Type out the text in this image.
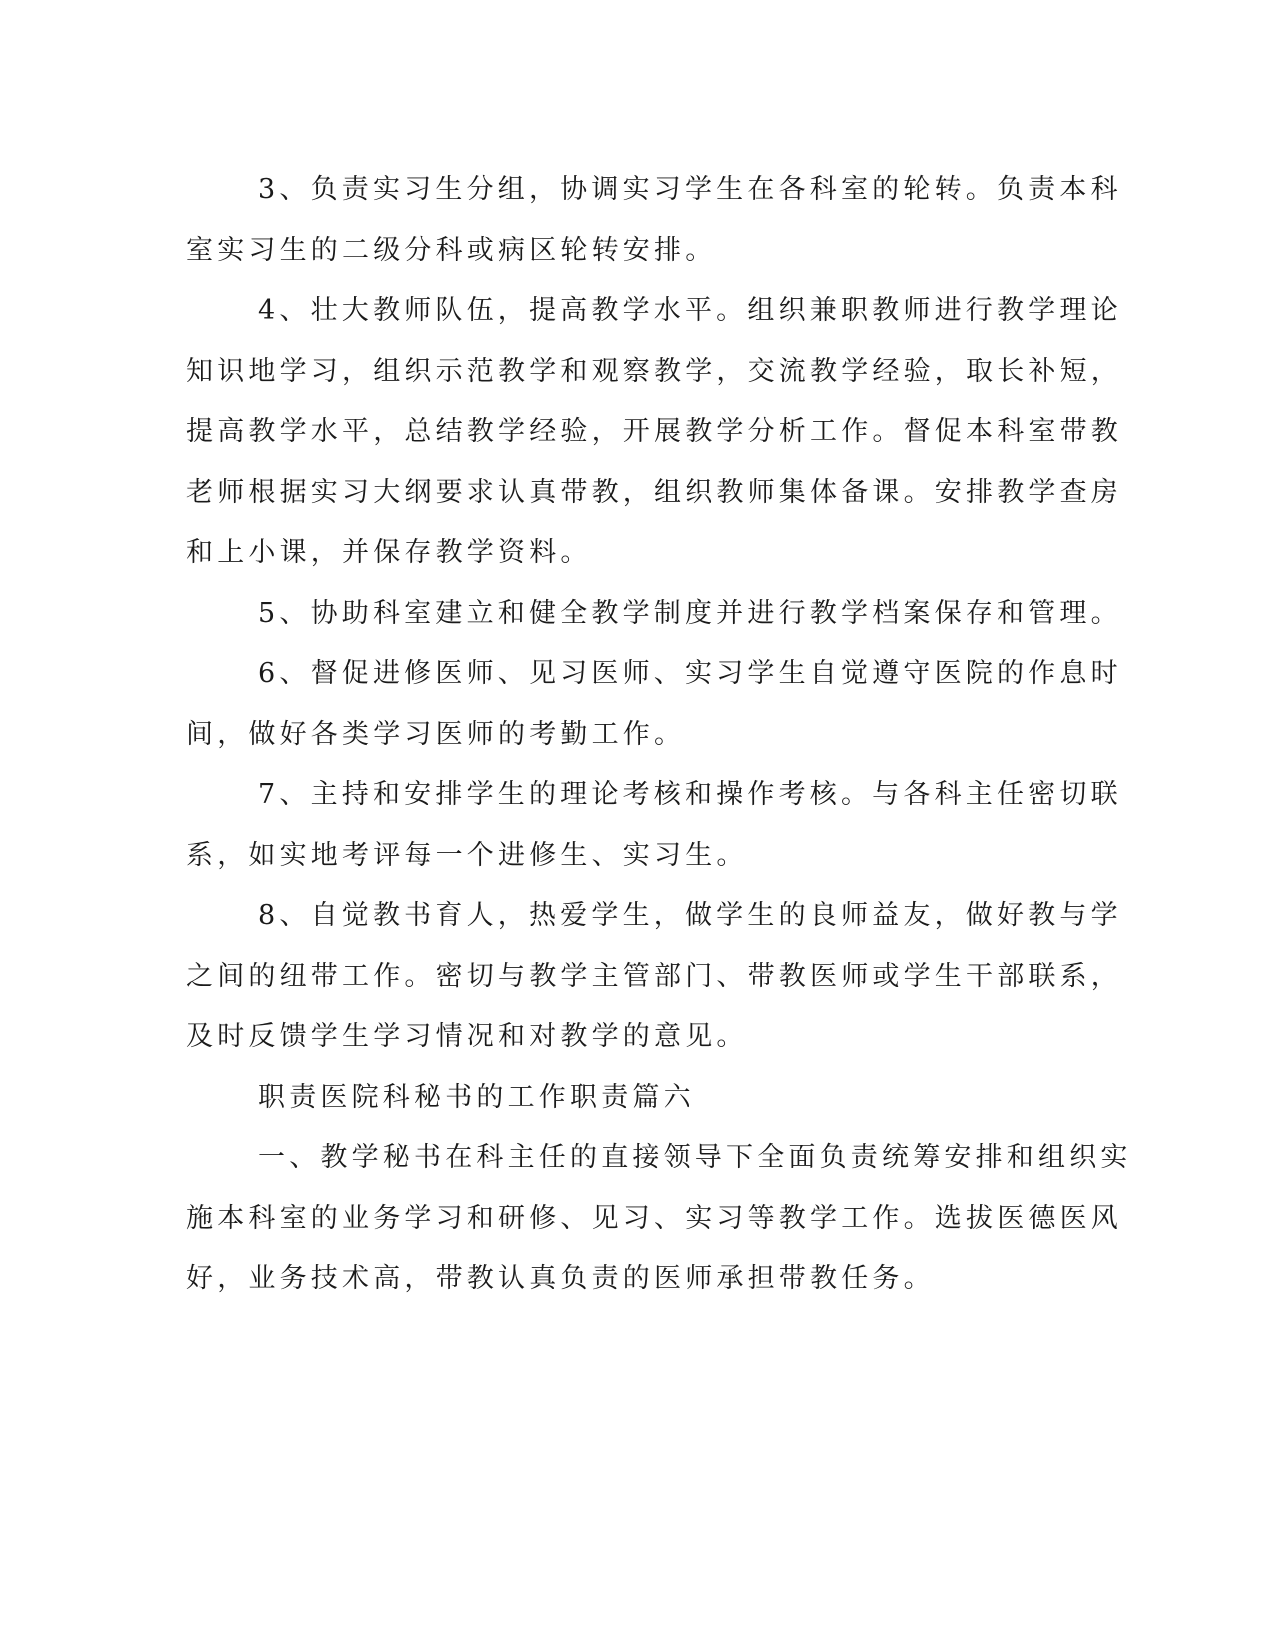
3、负责实习生分组，协调实习学生在各科室的轮转。负责本科
室实习生的二级分科或病区轮转安排。
4、壮大教师队伍，提高教学水平。组织兼职教师进行教学理论
知识地学习，组织示范教学和观察教学，交流教学经验，取长补短，
提高教学水平，总结教学经验，开展教学分析工作。督促本科室带教
老师根据实习大纲要求认真带教，组织教师集体备课。安排教学查房
和上小课，并保存教学资料。
5、协助科室建立和健全教学制度并进行教学档案保存和管理。
6、督促进修医师、见习医师、实习学生自觉遵守医院的作息时
间，做好各类学习医师的考勤工作。
7、主持和安排学生的理论考核和操作考核。与各科主任密切联
系，如实地考评每一个进修生、实习生。
8、自觉教书育人，热爱学生，做学生的良师益友，做好教与学
之间的纽带工作。密切与教学主管部门、带教医师或学生干部联系，
及时反馈学生学习情况和对教学的意见。
职责医院科秘书的工作职责篇六
一、教学秘书在科主任的直接领导下全面负责统筹安排和组织实
施本科室的业务学习和研修、见习、实习等教学工作。选拔医德医风
好，业务技术高，带教认真负责的医师承担带教任务。
